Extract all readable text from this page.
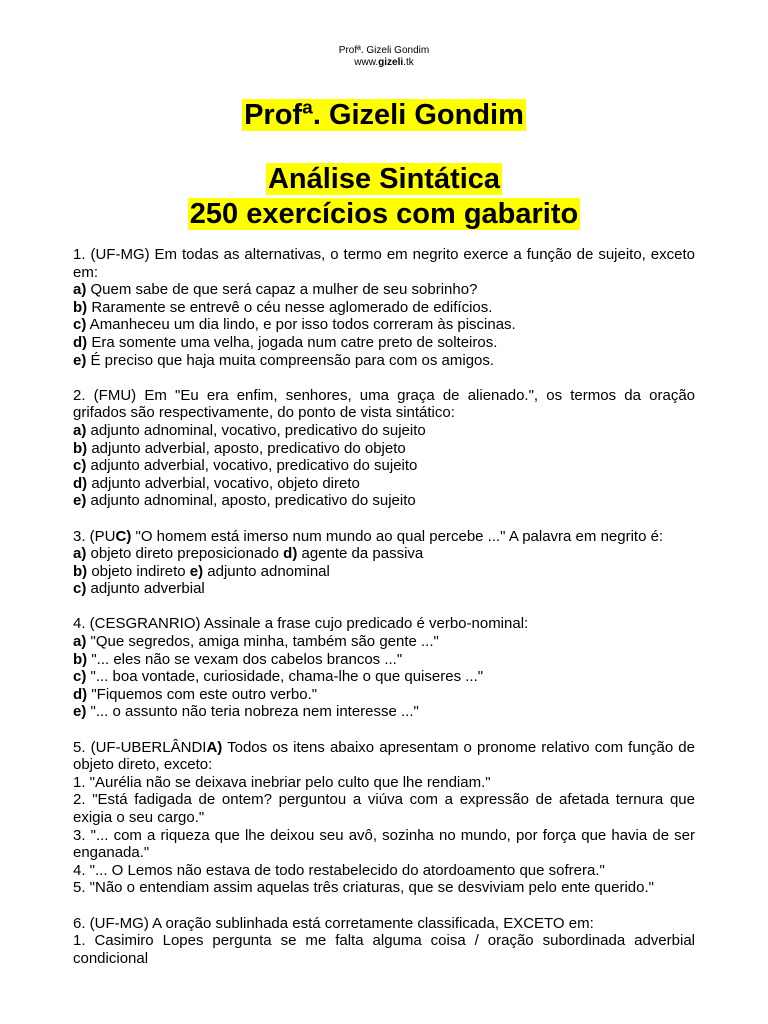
Profª. Gizeli Gondim
www.gizeli.tk
Profª. Gizeli Gondim
Análise Sintática
250 exercícios com gabarito
1. (UF-MG) Em todas as alternativas, o termo em negrito exerce a função de sujeito, exceto em:
a) Quem sabe de que será capaz a mulher de seu sobrinho?
b) Raramente se entrevê o céu nesse aglomerado de edifícios.
c) Amanheceu um dia lindo, e por isso todos correram às piscinas.
d) Era somente uma velha, jogada num catre preto de solteiros.
e) É preciso que haja muita compreensão para com os amigos.
2. (FMU) Em "Eu era enfim, senhores, uma graça de alienado.", os termos da oração grifados são respectivamente, do ponto de vista sintático:
a) adjunto adnominal, vocativo, predicativo do sujeito
b) adjunto adverbial, aposto, predicativo do objeto
c) adjunto adverbial, vocativo, predicativo do sujeito
d) adjunto adverbial, vocativo, objeto direto
e) adjunto adnominal, aposto, predicativo do sujeito
3. (PUC) "O homem está imerso num mundo ao qual percebe ..." A palavra em negrito é:
a) objeto direto preposicionado d) agente da passiva
b) objeto indireto e) adjunto adnominal
c) adjunto adverbial
4. (CESGRANRIO) Assinale a frase cujo predicado é verbo-nominal:
a) "Que segredos, amiga minha, também são gente ..."
b) "... eles não se vexam dos cabelos brancos ..."
c) "... boa vontade, curiosidade, chama-lhe o que quiseres ..."
d) "Fiquemos com este outro verbo."
e) "... o assunto não teria nobreza nem interesse ..."
5. (UF-UBERLÂNDIA) Todos os itens abaixo apresentam o pronome relativo com função de objeto direto, exceto:
1. "Aurélia não se deixava inebriar pelo culto que lhe rendiam."
2. "Está fadigada de ontem? perguntou a viúva com a expressão de afetada ternura que exigia o seu cargo."
3. "... com a riqueza que lhe deixou seu avô, sozinha no mundo, por força que havia de ser enganada."
4. "... O Lemos não estava de todo restabelecido do atordoamento que sofrera."
5. "Não o entendiam assim aquelas três criaturas, que se desviviam pelo ente querido."
6. (UF-MG) A oração sublinhada está corretamente classificada, EXCETO em:
1. Casimiro Lopes pergunta se me falta alguma coisa / oração subordinada adverbial condicional
